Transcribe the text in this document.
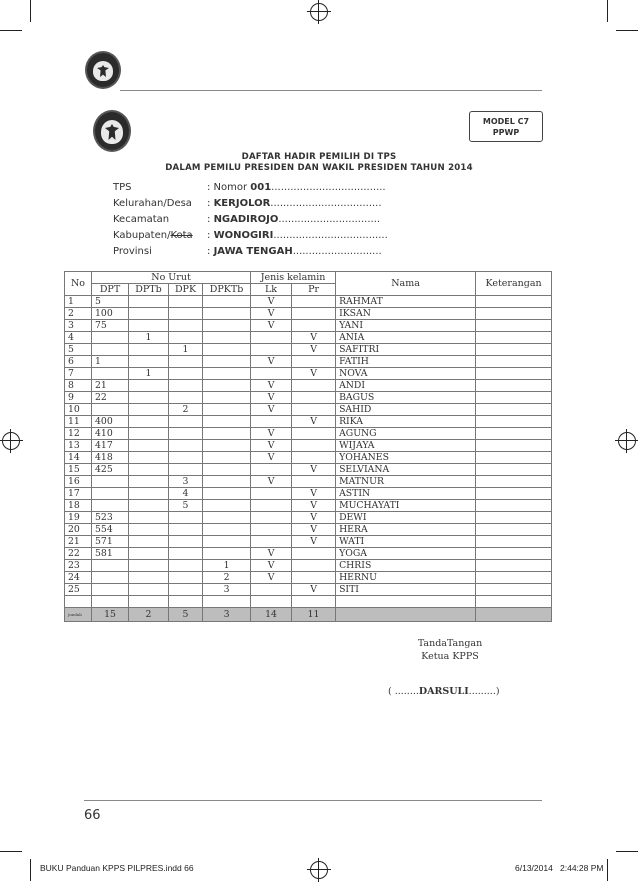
MODEL C7
PPWP
DAFTAR HADIR PEMILIH DI TPS
DALAM PEMILU PRESIDEN DAN WAKIL PRESIDEN TAHUN 2014
TPS	: Nomor 001....................................
Kelurahan/Desa : KERJOLOR...................................
Kecamatan	: NGADIROJO................................
Kabupaten/Kota : WONOGIRI....................................
Provinsi	: JAWA TENGAH............................
No	No Urut				Jenis kelamin		Nama	Keterangan
	DPT	DPTb	DPK	DPKTb	Lk	Pr		
1	5				V		RAHMAT	
2	100				V		IKSAN	
3	75				V		YANI	
4		1				V	ANIA	
5			1			V	SAFITRI	
6	1				V		FATIH	
7		1				V	NOVA	
8	21				V		ANDI	
9	22				V		BAGUS	
10			2		V		SAHID	
11	400					V	RIKA	
12	410				V		AGUNG	
13	417				V		WIJAYA	
14	418				V		YOHANES	
15	425					V	SELVIANA	
16			3		V		MATNUR	
17			4			V	ASTIN	
18			5			V	MUCHAYATI	
19	523					V	DEWI	
20	554					V	HERA	
21	571					V	WATI	
22	581				V		YOGA	
23				1	V		CHRIS	
24				2	V		HERNU	
25				3		V	SITI	

jumlah	15	2	5	3	14	11		
TandaTangan
Ketua KPPS
( ........DARSULI.........)
66
BUKU Panduan KPPS PILPRES.indd 66	6/13/2014 2:44:28 PM
